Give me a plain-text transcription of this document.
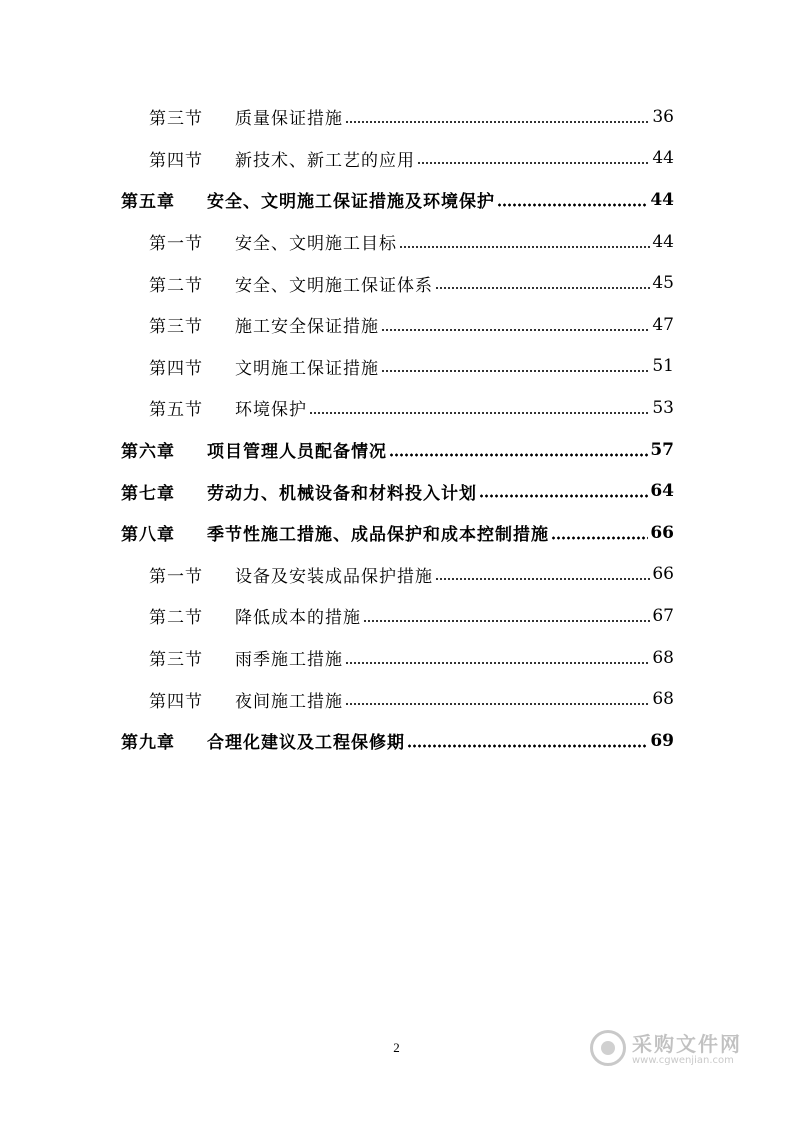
第三节	质量保证措施	36
第四节	新技术、新工艺的应用	44
第五章	安全、文明施工保证措施及环境保护	44
第一节	安全、文明施工目标	44
第二节	安全、文明施工保证体系	45
第三节	施工安全保证措施	47
第四节	文明施工保证措施	51
第五节	环境保护	53
第六章	项目管理人员配备情况	57
第七章	劳动力、机械设备和材料投入计划	64
第八章	季节性施工措施、成品保护和成本控制措施	66
第一节	设备及安装成品保护措施	66
第二节	降低成本的措施	67
第三节	雨季施工措施	68
第四节	夜间施工措施	68
第九章	合理化建议及工程保修期	69
2	采购文件网
www.cgwenjian.com
